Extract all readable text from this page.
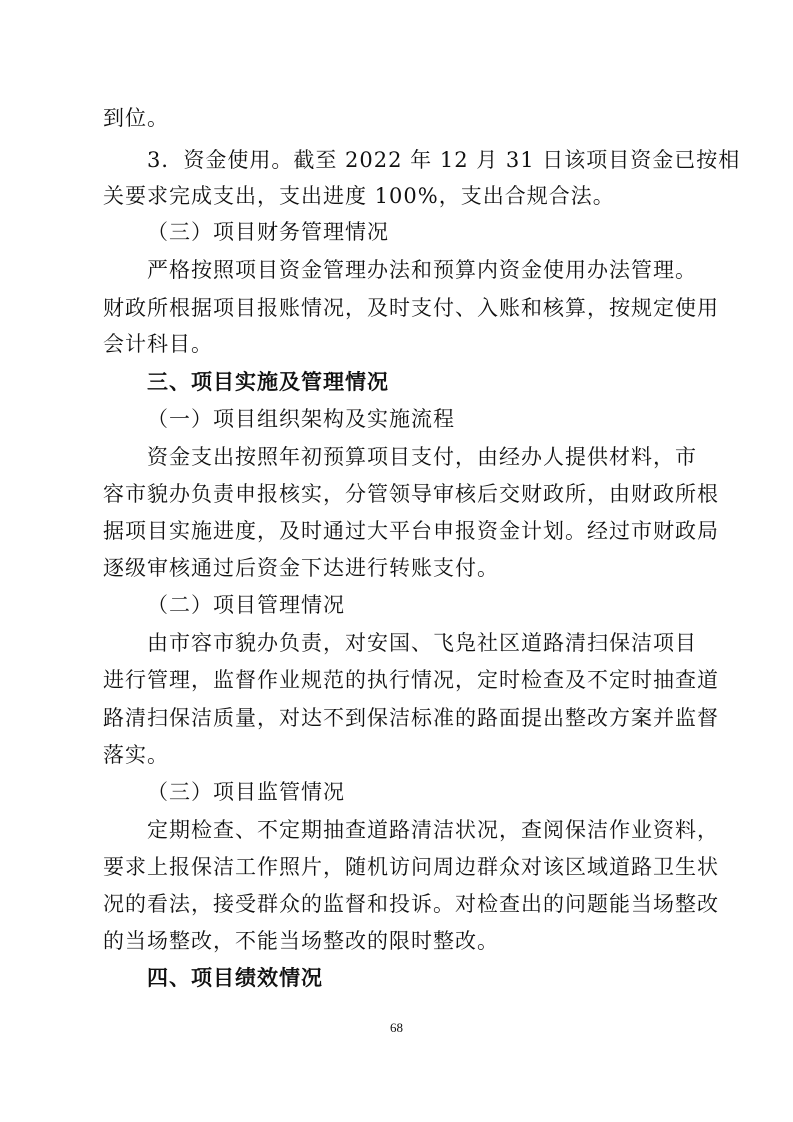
到位。
3．资金使用。截至 2022 年 12 月 31 日该项目资金已按相
关要求完成支出，支出进度 100%，支出合规合法。
（三）项目财务管理情况
严格按照项目资金管理办法和预算内资金使用办法管理。
财政所根据项目报账情况，及时支付、入账和核算，按规定使用
会计科目。
三、项目实施及管理情况
（一）项目组织架构及实施流程
资金支出按照年初预算项目支付，由经办人提供材料，市
容市貌办负责申报核实，分管领导审核后交财政所，由财政所根
据项目实施进度，及时通过大平台申报资金计划。经过市财政局
逐级审核通过后资金下达进行转账支付。
（二）项目管理情况
由市容市貌办负责，对安国、飞凫社区道路清扫保洁项目
进行管理，监督作业规范的执行情况，定时检查及不定时抽查道
路清扫保洁质量，对达不到保洁标准的路面提出整改方案并监督
落实。
（三）项目监管情况
定期检查、不定期抽查道路清洁状况，查阅保洁作业资料，
要求上报保洁工作照片，随机访问周边群众对该区域道路卫生状
况的看法，接受群众的监督和投诉。对检查出的问题能当场整改
的当场整改，不能当场整改的限时整改。
四、项目绩效情况
68
